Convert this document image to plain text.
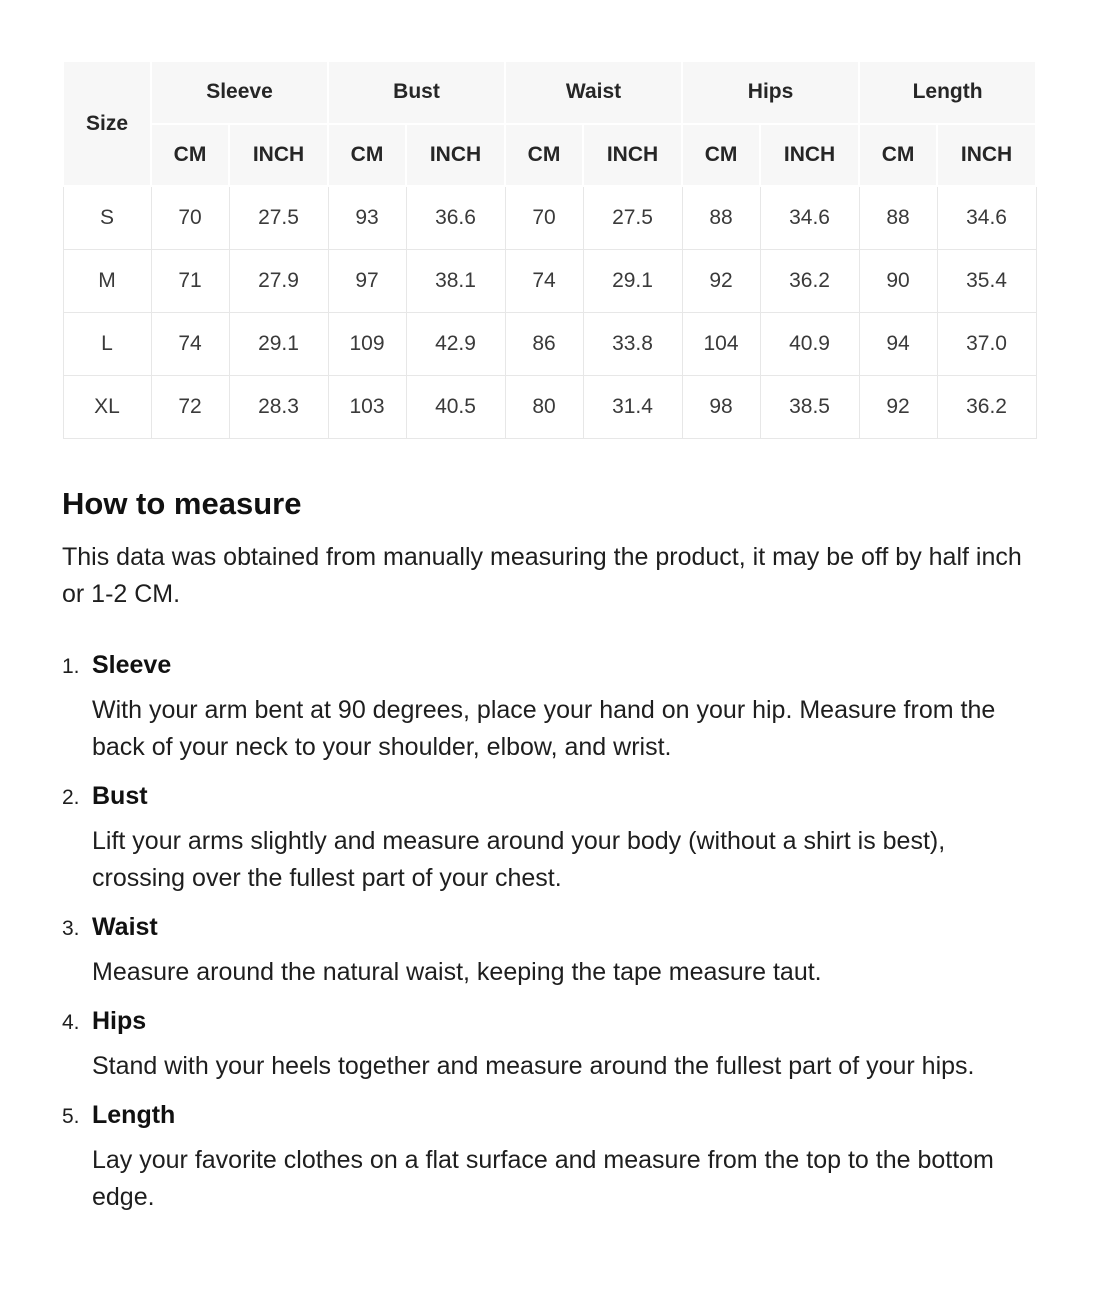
Size	Sleeve		Bust		Waist		Hips		Length	
	CM	INCH	CM	INCH	CM	INCH	CM	INCH	CM	INCH
S	70	27.5	93	36.6	70	27.5	88	34.6	88	34.6
M	71	27.9	97	38.1	74	29.1	92	36.2	90	35.4
L	74	29.1	109	42.9	86	33.8	104	40.9	94	37.0
XL	72	28.3	103	40.5	80	31.4	98	38.5	92	36.2
How to measure

This data was obtained from manually measuring the product, it may be off by half inch or 1-2 CM.

1. Sleeve

With your arm bent at 90 degrees, place your hand on your hip. Measure from the back of your neck to your shoulder, elbow, and wrist.

2. Bust

Lift your arms slightly and measure around your body (without a shirt is best), crossing over the fullest part of your chest.

3. Waist

Measure around the natural waist, keeping the tape measure taut.

4. Hips

Stand with your heels together and measure around the fullest part of your hips.

5. Length

Lay your favorite clothes on a flat surface and measure from the top to the bottom edge.
